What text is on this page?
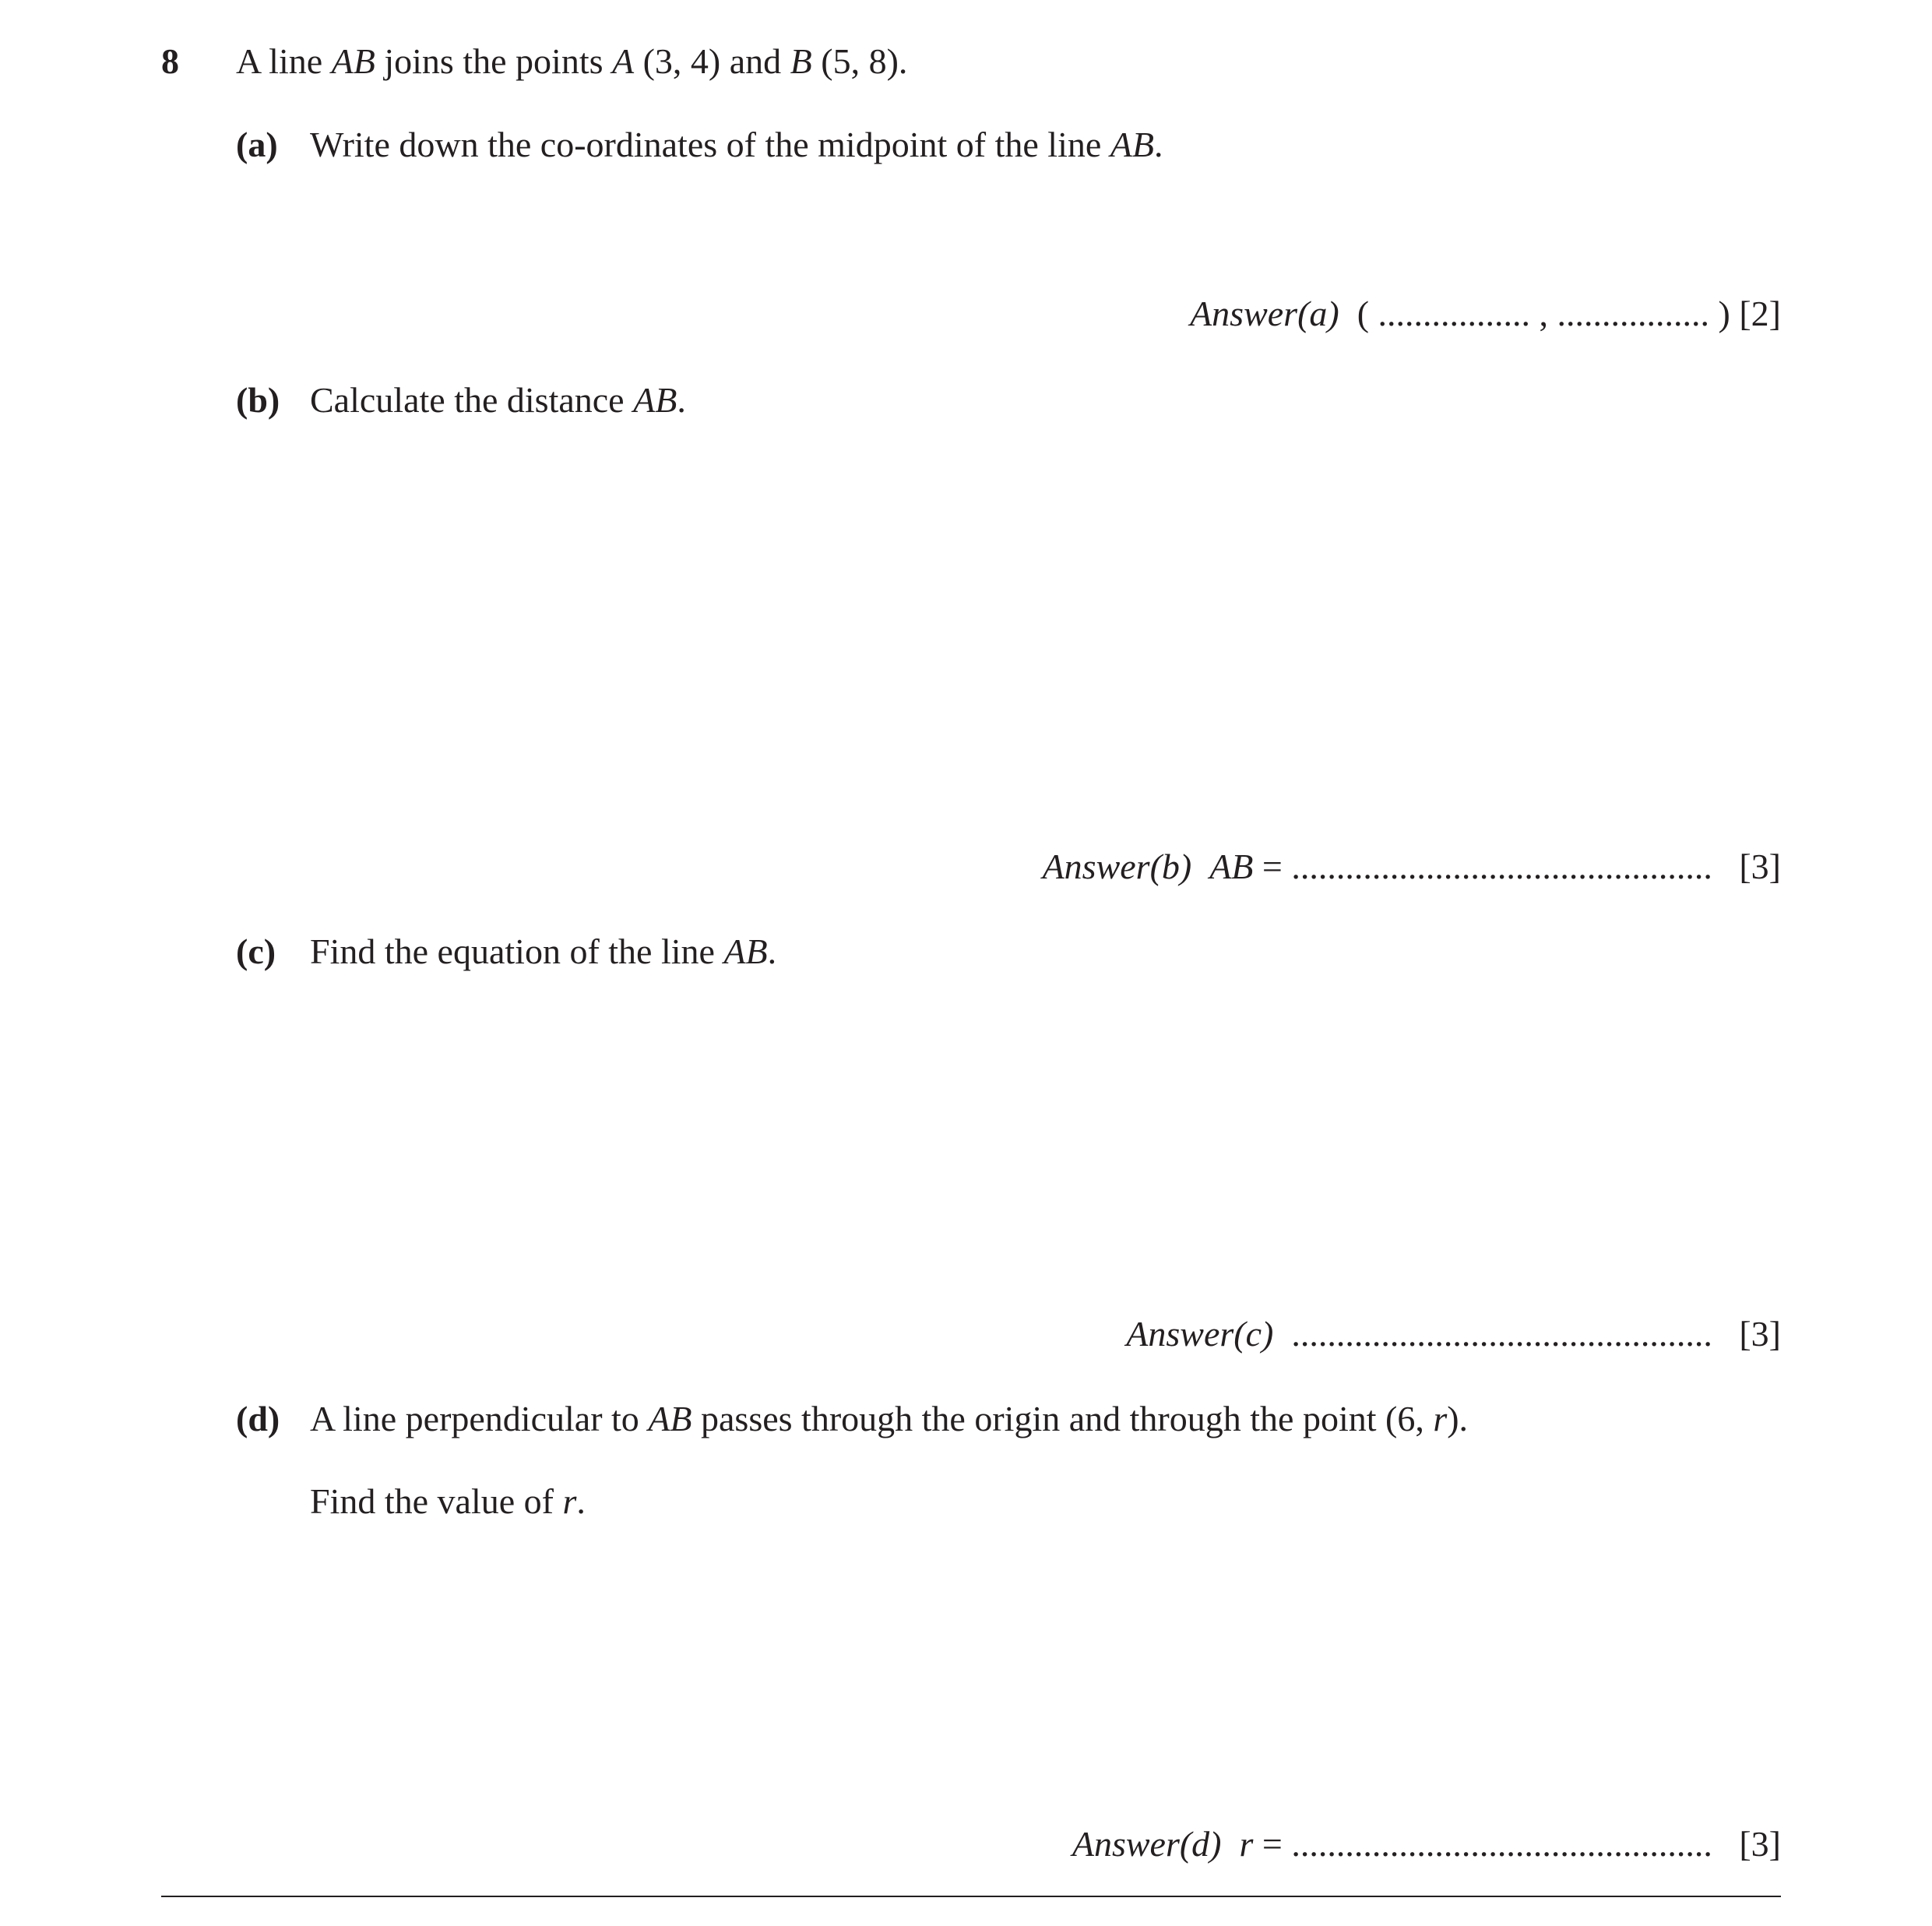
8 A line AB joins the points A (3, 4) and B (5, 8).
(a) Write down the co-ordinates of the midpoint of the line AB.
Answer(a) ( ................. , ................. ) [2]
(b) Calculate the distance AB.
Answer(b) AB = ............................................... [3]
(c) Find the equation of the line AB.
Answer(c) ............................................... [3]
(d) A line perpendicular to AB passes through the origin and through the point (6, r).
Find the value of r.
Answer(d) r = ............................................... [3]
